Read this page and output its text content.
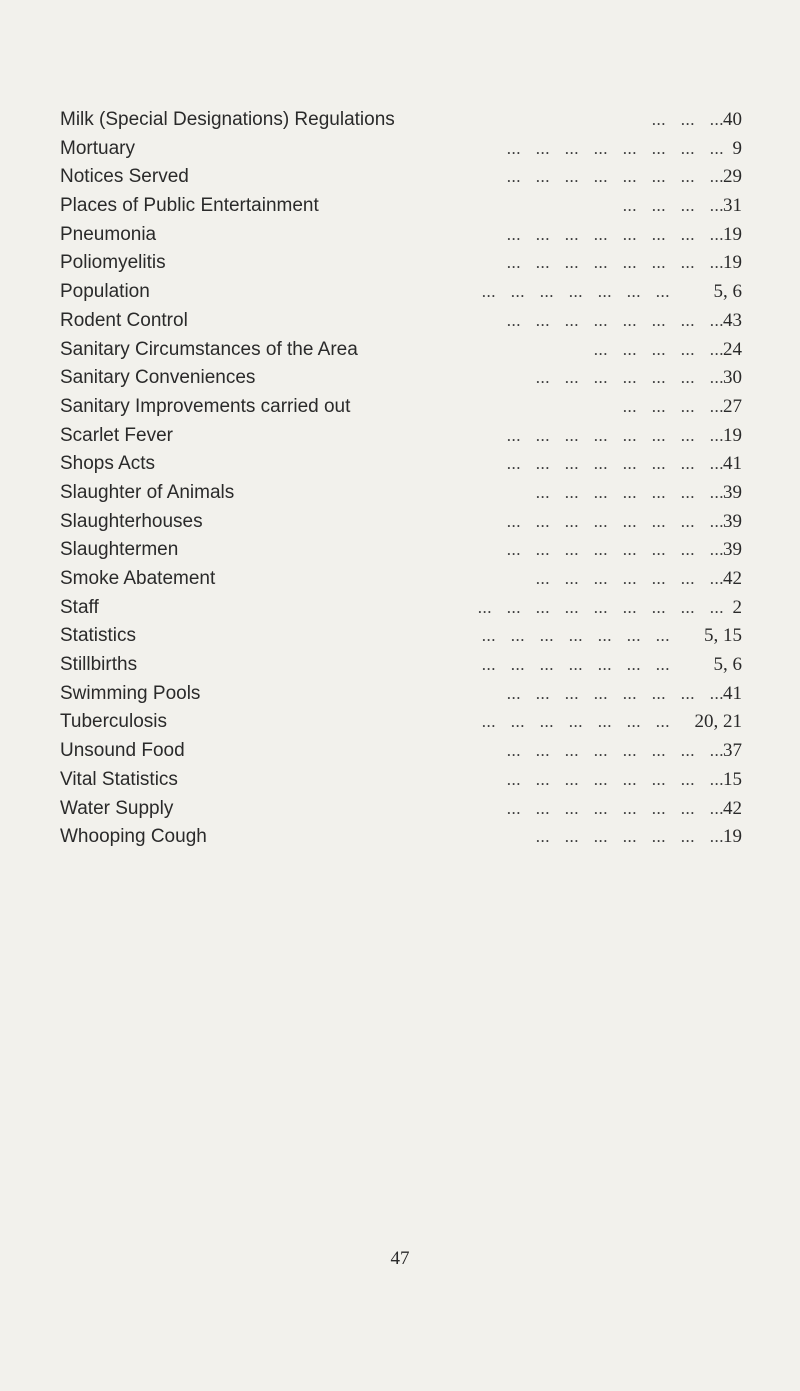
Milk (Special Designations) Regulations	... ... ... 40
Mortuary	... ... ... ... ... ... ... ... 9
Notices Served	... ... ... ... ... ... ... ... 29
Places of Public Entertainment	... ... ... ... 31
Pneumonia	... ... ... ... ... ... ... ... 19
Poliomyelitis	... ... ... ... ... ... ... ... 19
Population	... ... ... ... ... ... ... 5, 6
Rodent Control	... ... ... ... ... ... ... ... 43
Sanitary Circumstances of the Area	... ... ... ... ... 24
Sanitary Conveniences	... ... ... ... ... ... ... 30
Sanitary Improvements carried out	... ... ... ... 27
Scarlet Fever	... ... ... ... ... ... ... ... 19
Shops Acts	... ... ... ... ... ... ... ... 41
Slaughter of Animals	... ... ... ... ... ... ... 39
Slaughterhouses	... ... ... ... ... ... ... ... 39
Slaughtermen	... ... ... ... ... ... ... ... 39
Smoke Abatement	... ... ... ... ... ... ... 42
Staff	... ... ... ... ... ... ... ... ... 2
Statistics	... ... ... ... ... ... ... 5, 15
Stillbirths	... ... ... ... ... ... ... 5, 6
Swimming Pools	... ... ... ... ... ... ... ... 41
Tuberculosis	... ... ... ... ... ... ... 20, 21
Unsound Food	... ... ... ... ... ... ... ... 37
Vital Statistics	... ... ... ... ... ... ... ... 15
Water Supply	... ... ... ... ... ... ... ... 42
Whooping Cough	... ... ... ... ... ... ... 19
47
